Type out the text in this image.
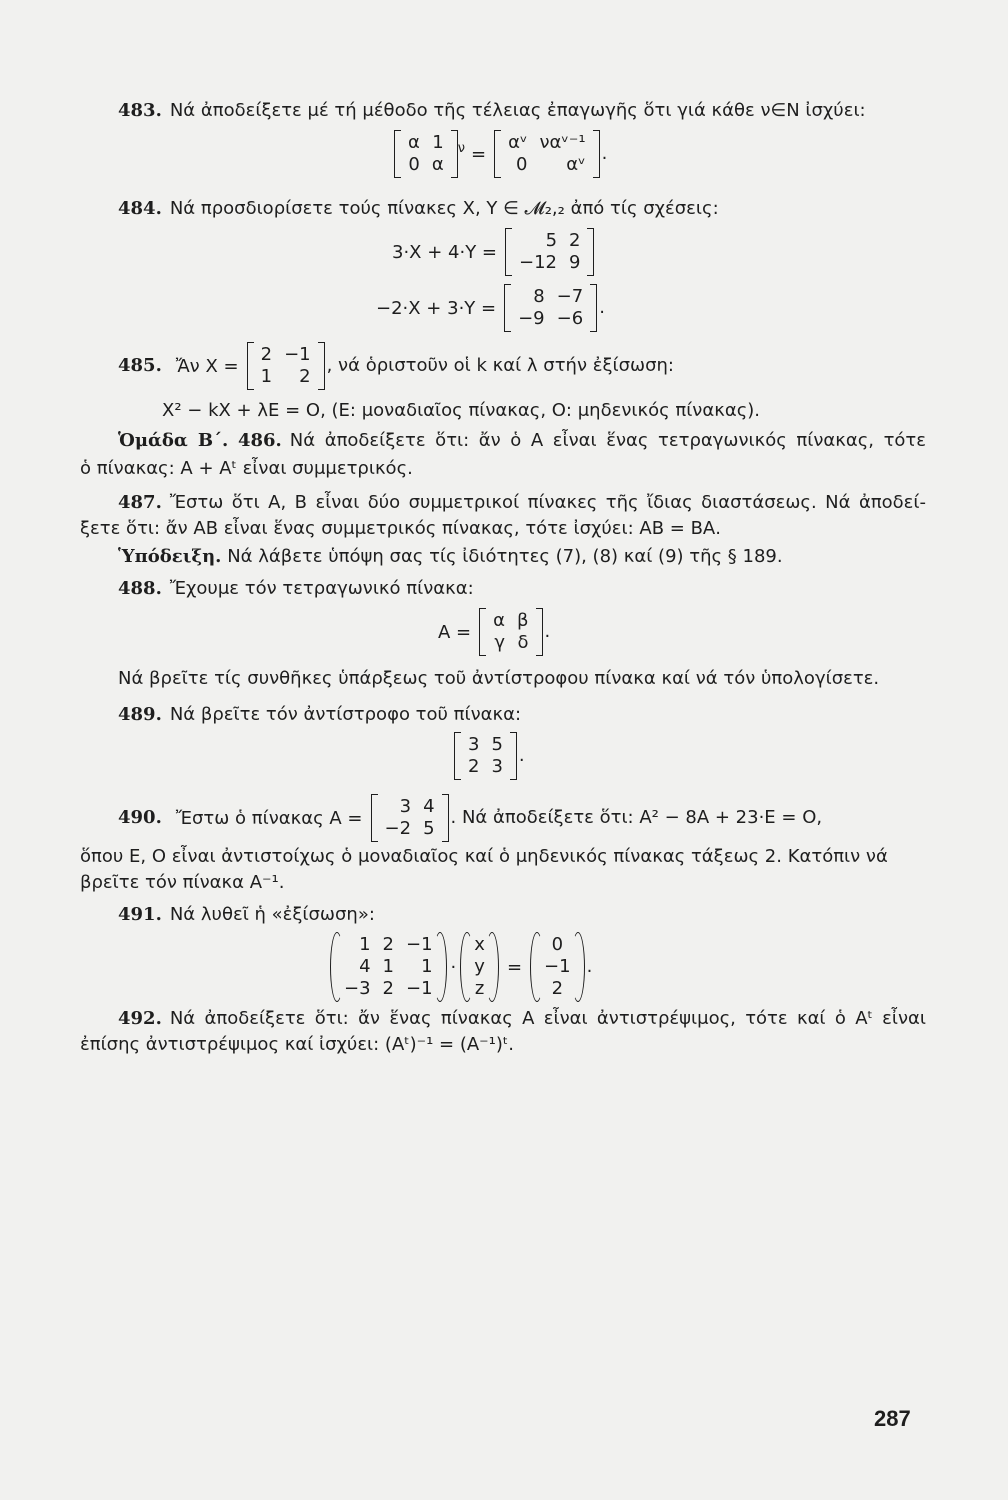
483. Νά ἀποδείξετε μέ τή μέθοδο τῆς τέλειας ἐπαγωγῆς ὅτι γιά κάθε ν∈N ἰσχύει:
α	1
0	α
$^\nu$ =
αᵛ	ναᵛ⁻¹
0	αᵛ
.
484. Νά προσδιορίσετε τούς πίνακες Χ, Υ ∈ 𝓜₂,₂ ἀπό τίς σχέσεις:
3·Χ + 4·Υ =
5	2
−12	9
−2·Χ + 3·Υ =
8	−7
−9	−6
.
485. Ἄν Χ =
2	−1
1	2
, νά ὁριστοῦν οἱ k καί λ στήν ἐξίσωση:
Χ² − kΧ + λΕ = Ο, (Ε: μοναδιαῖος πίνακας, Ο: μηδενικός πίνακας).
Ὁμάδα Β΄. 486. Νά ἀποδείξετε ὅτι: ἄν ὁ Α εἶναι ἕνας τετραγωνικός πίνακας, τότε
ὁ πίνακας: Α + Αᵗ εἶναι συμμετρικός.
487. Ἔστω ὅτι Α, Β εἶναι δύο συμμετρικοί πίνακες τῆς ἴδιας διαστάσεως. Νά ἀποδεί-
ξετε ὅτι: ἄν ΑΒ εἶναι ἕνας συμμετρικός πίνακας, τότε ἰσχύει: ΑΒ = ΒΑ.
Ὑπόδειξη. Νά λάβετε ὑπόψη σας τίς ἰδιότητες (7), (8) καί (9) τῆς § 189.
488. Ἔχουμε τόν τετραγωνικό πίνακα:
Α =
α	β
γ	δ
.
Νά βρεῖτε τίς συνθῆκες ὑπάρξεως τοῦ ἀντίστροφου πίνακα καί νά τόν ὑπολογίσετε.
489. Νά βρεῖτε τόν ἀντίστροφο τοῦ πίνακα:
3	5
2	3
.
490. Ἔστω ὁ πίνακας Α =
3	4
−2	5
. Νά ἀποδείξετε ὅτι: Α² − 8Α + 23·Ε = Ο,
ὅπου Ε, Ο εἶναι ἀντιστοίχως ὁ μοναδιαῖος καί ὁ μηδενικός πίνακας τάξεως 2. Κατόπιν νά
βρεῖτε τόν πίνακα Α⁻¹.
491. Νά λυθεῖ ἡ «ἐξίσωση»:
1	2	−1
4	1	1
−3	2	−1
·
x
y
z
=
0
−1
2
.
492. Νά ἀποδείξετε ὅτι: ἄν ἕνας πίνακας Α εἶναι ἀντιστρέψιμος, τότε καί ὁ Αᵗ εἶναι
ἐπίσης ἀντιστρέψιμος καί ἰσχύει: (Αᵗ)⁻¹ = (Α⁻¹)ᵗ.
287
